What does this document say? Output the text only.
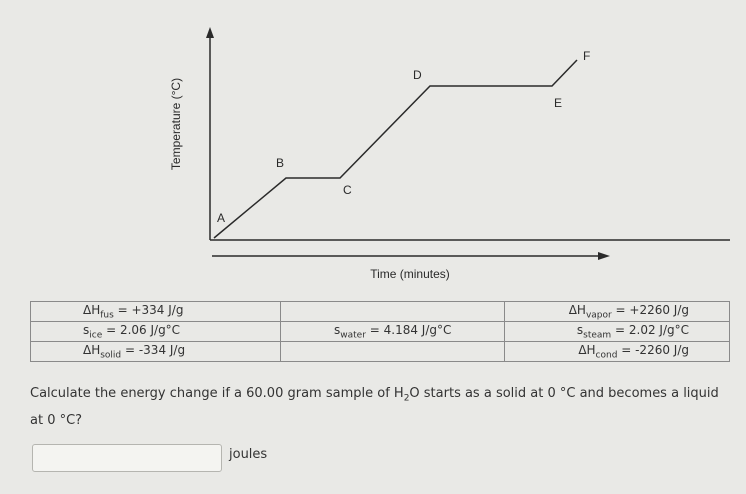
A
B
C
D
E
F
Temperature (°C)
Time (minutes)
$\Delta H_{fus} = +334$ J/g		$\Delta H_{vapor} = +2260$ J/g
$s_{ice} = 2.06$ J/g°C	$s_{water} = 4.184$ J/g°C	$s_{steam} = 2.02$ J/g°C
$\Delta H_{solid} = -334$ J/g		$\Delta H_{cond} = -2260$ J/g
Calculate the energy change if a 60.00 gram sample of $H_2O$ starts as a solid at 0 °C and becomes a liquid at 0 °C?
joules
